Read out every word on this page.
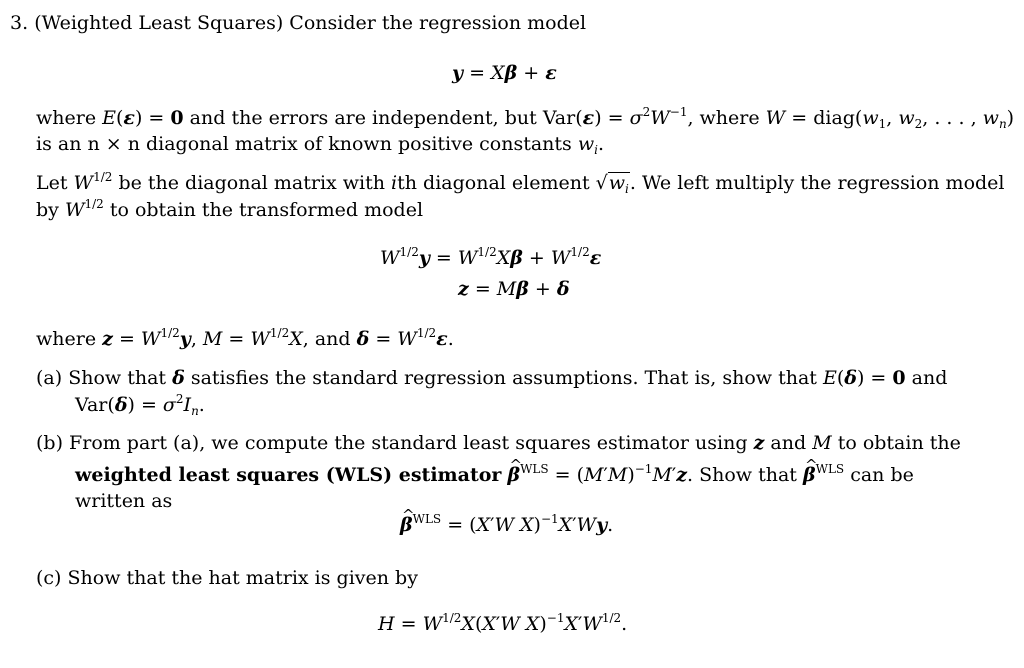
3. (Weighted Least Squares) Consider the regression model
y = Xβ + ε
where E(ε) = 0 and the errors are independent, but $Var(\varepsilon) = \sigma^2W^{-1}$, where $W = diag(w_1$, $w_2$, . . . , $w_n$)
is an n × n diagonal matrix of known positive constants $w_i$.
Let $W^{1/2}$ be the diagonal matrix with ith diagonal element $√w_i$. We left multiply the regression model
by $W^{1/2}$ to obtain the transformed model
$W^{1/2}y = W^{1/2}X\beta + W^{1/2}\varepsilon$
z = Mβ + δ
where $z = W^{1/2}y$, $M = W^{1/2}X$, and $\delta = W^{1/2}\varepsilon$.
(a) Show that δ satisfies the standard regression assumptions. That is, show that E(δ) = 0 and
$Var(\delta) = \sigma^2I_n$.
(b) From part (a), we compute the standard least squares estimator using z and M to obtain the
weighted least squares (WLS) estimator ^ $\beta^{WLS} = (M'M)^{-1}M'z$. Show that ^ $\beta^{WLS}$ can be
written as
^ $\beta^{WLS} = (X'W$ X)$^{-1}$X′Wy.
(c) Show that the hat matrix is given by
$H = W^{1/2}X(X'W$ $X)^{-1}X'W^{1/2}$.
